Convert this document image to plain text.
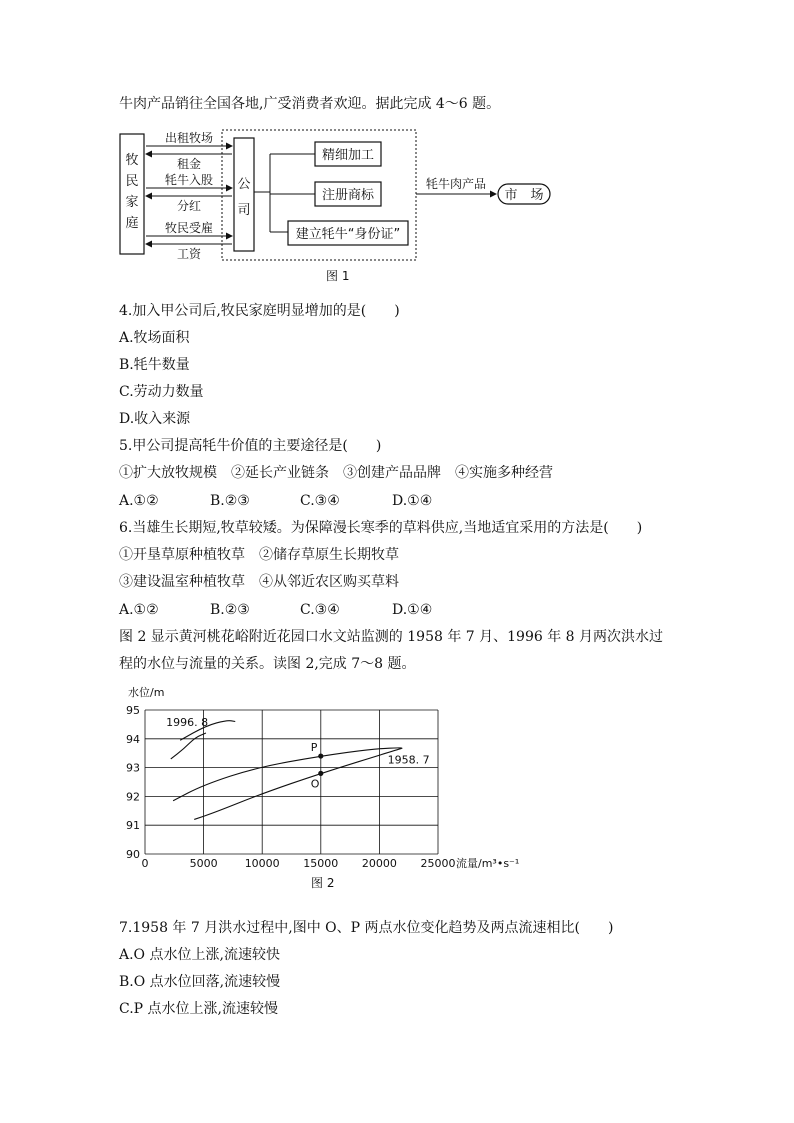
牛肉产品销往全国各地,广受消费者欢迎。据此完成 4～6 题。
牧民家庭
公司
出租牧场
租金
牦牛入股
分红
牧民受雇
工资
精细加工
注册商标
建立牦牛“身份证”
牦牛肉产品
市　场
图 1
4.加入甲公司后,牧民家庭明显增加的是(　　)
A.牧场面积
B.牦牛数量
C.劳动力数量
D.收入来源
5.甲公司提高牦牛价值的主要途径是(　　)
①扩大放牧规模　②延长产业链条　③创建产品品牌　④实施多种经营
A.①②	B.②③	C.③④	D.①④
6.当雄生长期短,牧草较矮。为保障漫长寒季的草料供应,当地适宜采用的方法是(　　)
①开垦草原种植牧草　②储存草原生长期牧草
③建设温室种植牧草　④从邻近农区购买草料
A.①②	B.②③	C.③④	D.①④
图 2 显示黄河桃花峪附近花园口水文站监测的 1958 年 7 月、1996 年 8 月两次洪水过
程的水位与流量的关系。读图 2,完成 7～8 题。
0	5000 10000 15000 20000 25000
90
91
92
93
94
95
水位/m
流量/m³•s⁻¹
1996. 8
1958. 7
P
O
图 2
7.1958 年 7 月洪水过程中,图中 O、P 两点水位变化趋势及两点流速相比(　　)
A.O 点水位上涨,流速较快
B.O 点水位回落,流速较慢
C.P 点水位上涨,流速较慢
